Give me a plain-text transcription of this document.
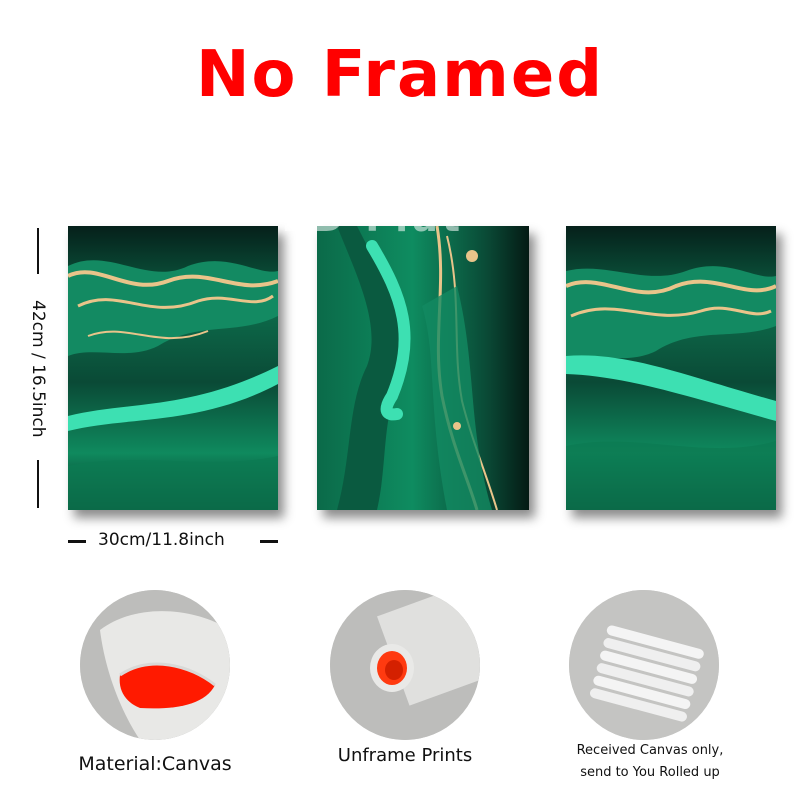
No Framed
42cm / 16.5inch
2D Flat
30cm/11.8inch
Material:Canvas	Unframe Prints	Received Canvas only,
send to You Rolled up
